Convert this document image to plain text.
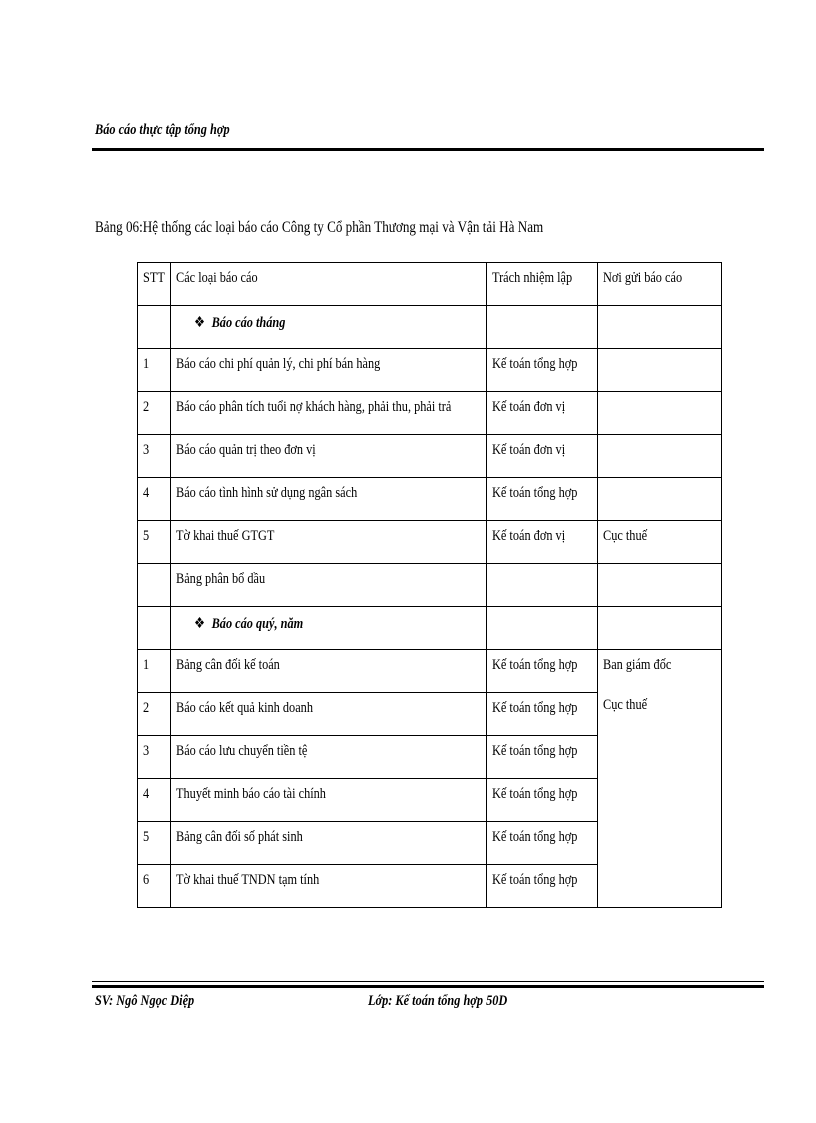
Báo cáo thực tập tổng hợp
Bảng 06:Hệ thống các loại báo cáo Công ty Cổ phần Thương mại và Vận tải Hà Nam
STT	Các loại báo cáo	Trách nhiệm lập	Nơi gửi báo cáo
	❖ Báo cáo tháng		
1	Báo cáo chi phí quản lý, chi phí bán hàng	Kế toán tổng hợp	
2	Báo cáo phân tích tuổi nợ khách hàng, phải thu, phải trả	Kế toán đơn vị	
3	Báo cáo quản trị theo đơn vị	Kế toán đơn vị	
4	Báo cáo tình hình sử dụng ngân sách	Kế toán tổng hợp	
5	Tờ khai thuế GTGT	Kế toán đơn vị	Cục thuế
	Bảng phân bổ dầu		
	❖ Báo cáo quý, năm		
1	Bảng cân đối kế toán	Kế toán tổng hợp	Ban giám đốc
Cục thuế

2	Báo cáo kết quả kinh doanh	Kế toán tổng hợp	
3	Báo cáo lưu chuyển tiền tệ	Kế toán tổng hợp	
4	Thuyết minh báo cáo tài chính	Kế toán tổng hợp	
5	Bảng cân đối số phát sinh	Kế toán tổng hợp	
6	Tờ khai thuế TNDN tạm tính	Kế toán tổng hợp	
SV: Ngô Ngọc Diệp	Lớp: Kế toán tổng hợp 50D
